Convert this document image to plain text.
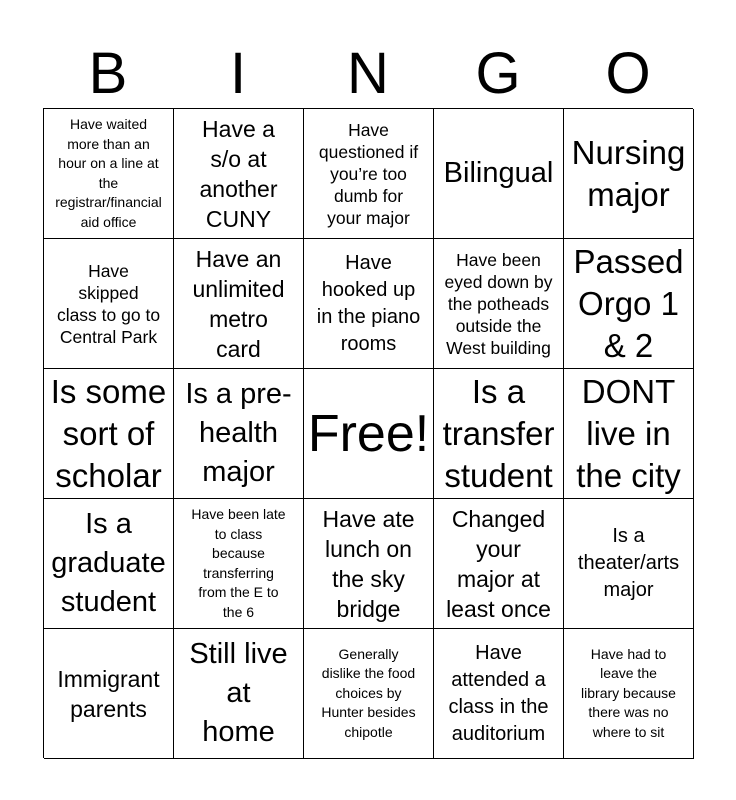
B	I	N	G	O
Have waited
more than an
hour on a line at
the
registrar/financial
aid office
Have a
s/o at
another
CUNY
Have
questioned if
you’re too
dumb for
your major
Bilingual
Nursing
major
Have
skipped
class to go to
Central Park
Have an
unlimited
metro
card
Have
hooked up
in the piano
rooms
Have been
eyed down by
the potheads
outside the
West building
Passed
Orgo 1
& 2
Is some
sort of
scholar
Is a pre-
health
major
Free!
Is a
transfer
student
DONT
live in
the city
Is a
graduate
student
Have been late
to class
because
transferring
from the E to
the 6
Have ate
lunch on
the sky
bridge
Changed
your
major at
least once
Is a
theater/arts
major
Immigrant
parents
Still live
at
home
Generally
dislike the food
choices by
Hunter besides
chipotle
Have
attended a
class in the
auditorium
Have had to
leave the
library because
there was no
where to sit
